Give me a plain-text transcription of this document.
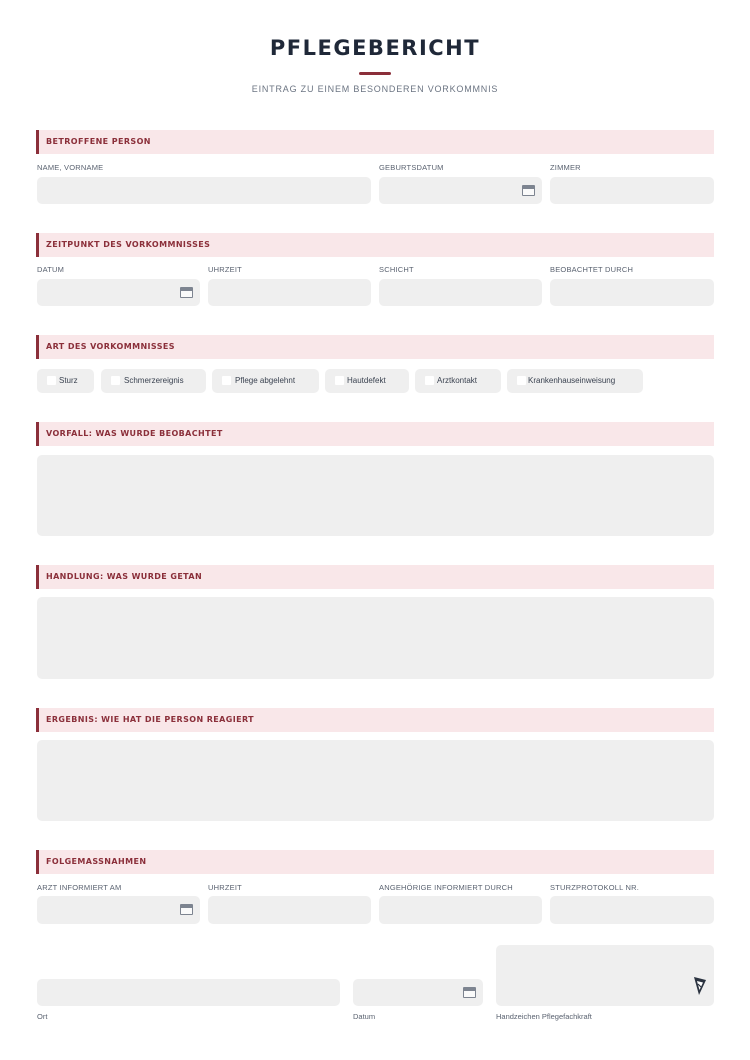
PFLEGEBERICHT
EINTRAG ZU EINEM BESONDEREN VORKOMMNIS
BETROFFENE PERSON
NAME, VORNAME	GEBURTSDATUM	ZIMMER
ZEITPUNKT DES VORKOMMNISSES
DATUM	UHRZEIT	SCHICHT	BEOBACHTET DURCH
ART DES VORKOMMNISSES
Sturz	Schmerzereignis	Pflege abgelehnt	Hautdefekt	Arztkontakt	Krankenhauseinweisung
VORFALL: WAS WURDE BEOBACHTET
HANDLUNG: WAS WURDE GETAN
ERGEBNIS: WIE HAT DIE PERSON REAGIERT
FOLGEMASSNAHMEN
ARZT INFORMIERT AM	UHRZEIT	ANGEHÖRIGE INFORMIERT DURCH	STURZPROTOKOLL NR.
Ort	Datum	Handzeichen Pflegefachkraft
